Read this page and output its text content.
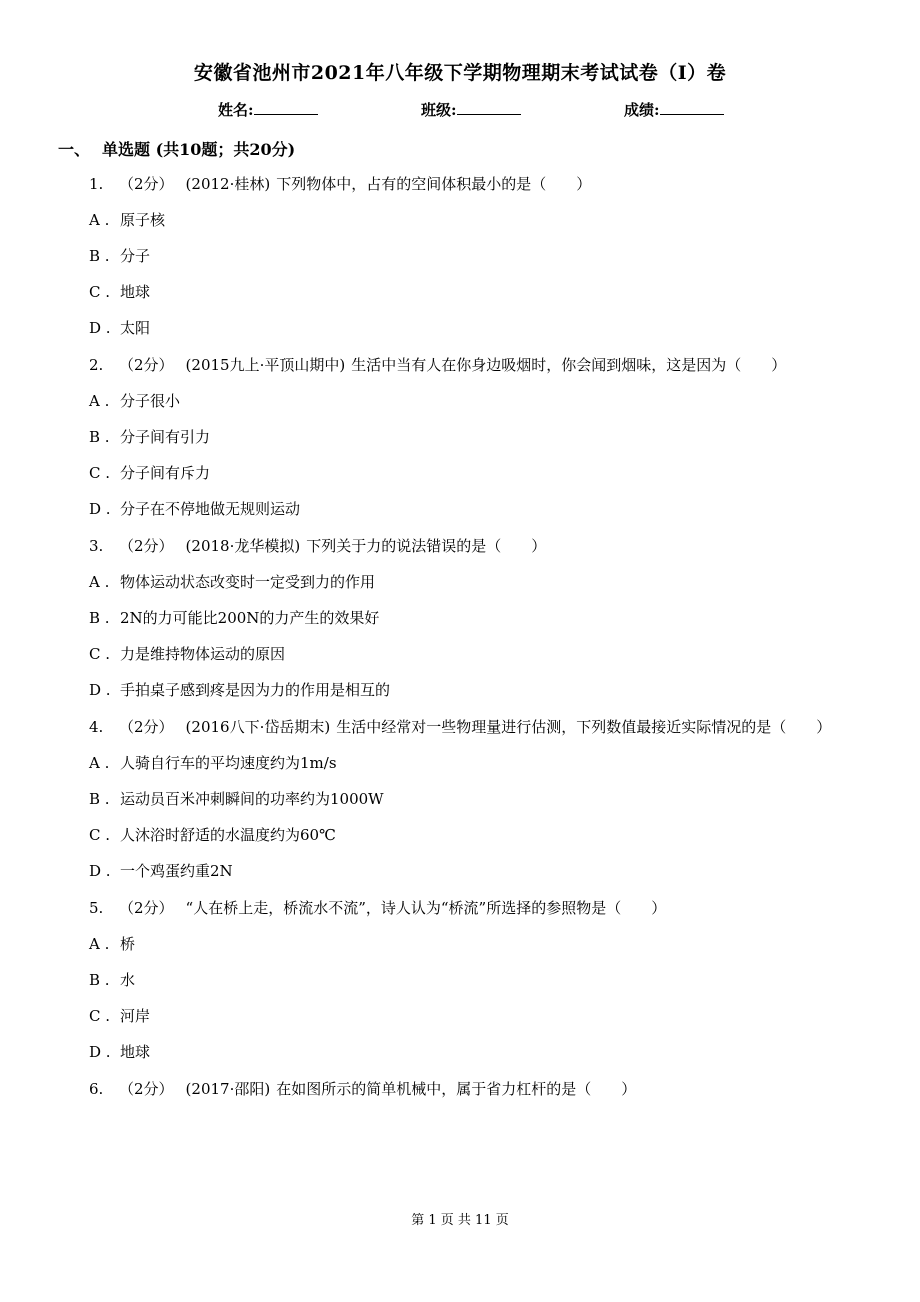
安徽省池州市2021年八年级下学期物理期末考试试卷（I）卷
姓名:	班级:	成绩:
一、 单选题 (共10题；共20分)
1. （2分） (2012·桂林) 下列物体中，占有的空间体积最小的是（　　）
A . 原子核
B . 分子
C . 地球
D . 太阳
2. （2分） (2015九上·平顶山期中) 生活中当有人在你身边吸烟时，你会闻到烟味，这是因为（　　）
A . 分子很小
B . 分子间有引力
C . 分子间有斥力
D . 分子在不停地做无规则运动
3. （2分） (2018·龙华模拟) 下列关于力的说法错误的是（　　）
A . 物体运动状态改变时一定受到力的作用
B . 2N的力可能比200N的力产生的效果好
C . 力是维持物体运动的原因
D . 手拍桌子感到疼是因为力的作用是相互的
4. （2分） (2016八下·岱岳期末) 生活中经常对一些物理量进行估测，下列数值最接近实际情况的是（　　）
A . 人骑自行车的平均速度约为1m/s
B . 运动员百米冲刺瞬间的功率约为1000W
C . 人沐浴时舒适的水温度约为60℃
D . 一个鸡蛋约重2N
5. （2分） “人在桥上走，桥流水不流”，诗人认为“桥流”所选择的参照物是（　　）
A . 桥
B . 水
C . 河岸
D . 地球
6. （2分） (2017·邵阳) 在如图所示的简单机械中，属于省力杠杆的是（　　）
第 1 页 共 11 页
